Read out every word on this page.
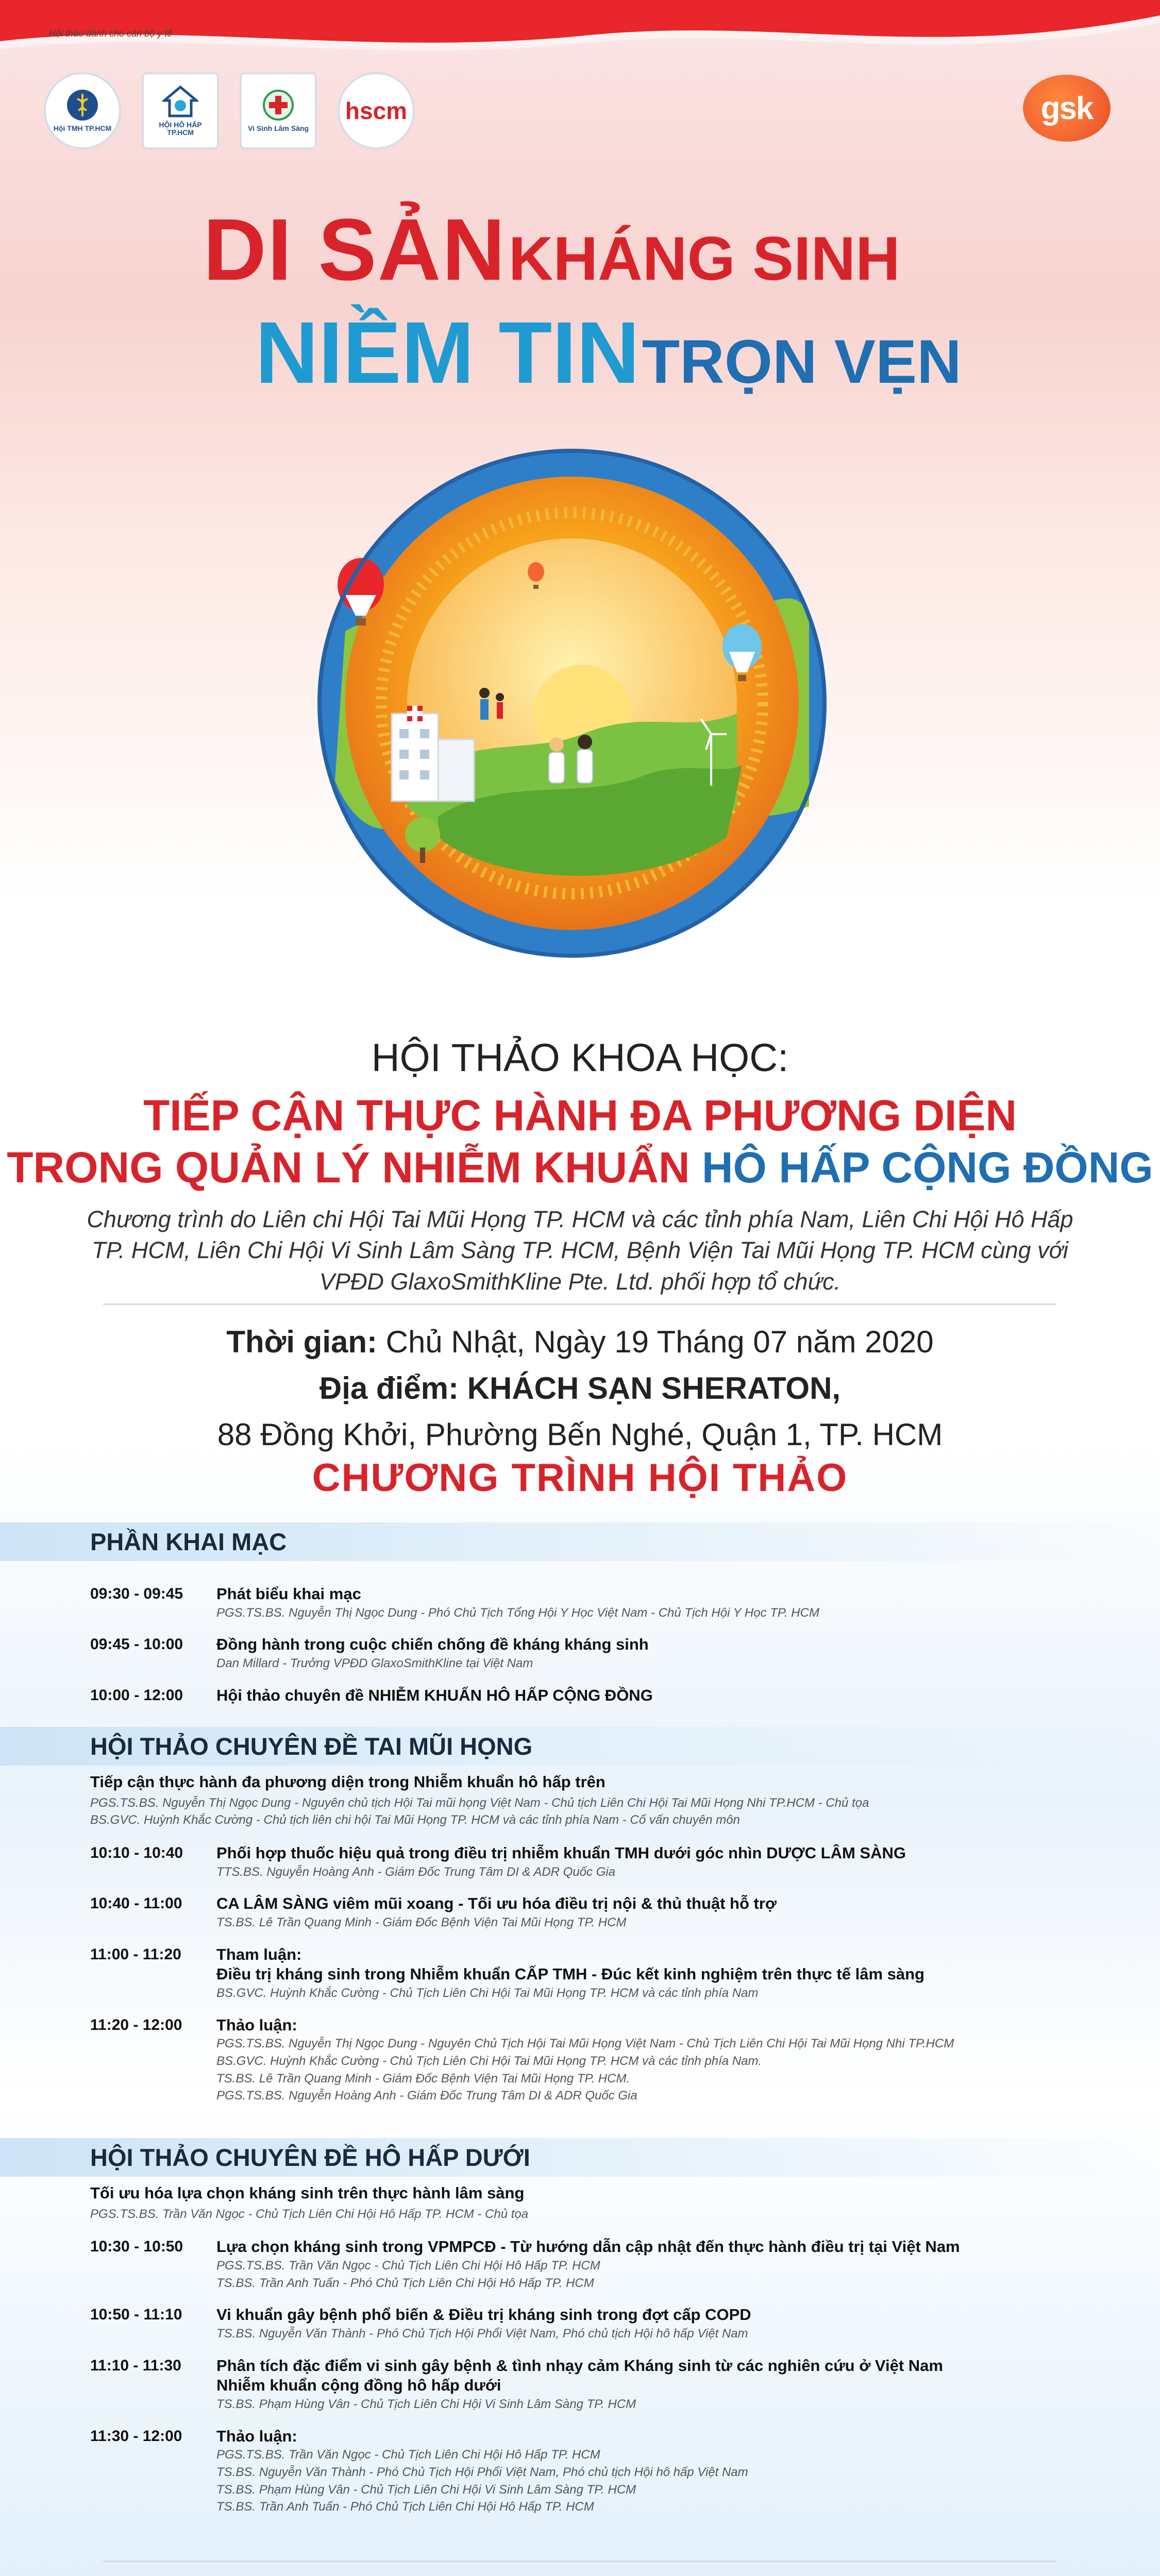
Hội thảo dành cho cán bộ y tế
Hội TMH TP.HCM	HỘI HÔ HẤP TP.HCM	Vi Sinh Lâm Sàng
hscm	gsk
DI SẢN KHÁNG SINH
NIỀM TIN TRỌN VẸN
HỘI THẢO KHOA HỌC:
TIẾP CẬN THỰC HÀNH ĐA PHƯƠNG DIỆN
TRONG QUẢN LÝ NHIỄM KHUẨN HÔ HẤP CỘNG ĐỒNG
Chương trình do Liên chi Hội Tai Mũi Họng TP. HCM và các tỉnh phía Nam, Liên Chi Hội Hô Hấp TP. HCM, Liên Chi Hội Vi Sinh Lâm Sàng TP. HCM, Bệnh Viện Tai Mũi Họng TP. HCM cùng với VPĐD GlaxoSmithKline Pte. Ltd. phối hợp tổ chức.
Thời gian: Chủ Nhật, Ngày 19 Tháng 07 năm 2020
Địa điểm: KHÁCH SẠN SHERATON,
88 Đồng Khởi, Phường Bến Nghé, Quận 1, TP. HCM
CHƯƠNG TRÌNH HỘI THẢO
PHẦN KHAI MẠC
09:30 - 09:45	Phát biểu khai mạc
PGS.TS.BS. Nguyễn Thị Ngọc Dung - Phó Chủ Tịch Tổng Hội Y Học Việt Nam - Chủ Tịch Hội Y Học TP. HCM
09:45 - 10:00	Đồng hành trong cuộc chiến chống đề kháng kháng sinh
Dan Millard - Trưởng VPĐD GlaxoSmithKline tại Việt Nam
10:00 - 12:00	Hội thảo chuyên đề NHIỄM KHUẨN HÔ HẤP CỘNG ĐỒNG
HỘI THẢO CHUYÊN ĐỀ TAI MŨI HỌNG
Tiếp cận thực hành đa phương diện trong Nhiễm khuẩn hô hấp trên
PGS.TS.BS. Nguyễn Thị Ngọc Dung - Nguyên chủ tịch Hội Tai mũi họng Việt Nam - Chủ tịch Liên Chi Hội Tai Mũi Họng Nhi TP.HCM - Chủ tọa
BS.GVC. Huỳnh Khắc Cường - Chủ tịch liên chi hội Tai Mũi Họng TP. HCM và các tỉnh phía Nam - Cố vấn chuyên môn
10:10 - 10:40	Phối hợp thuốc hiệu quả trong điều trị nhiễm khuẩn TMH dưới góc nhìn DƯỢC LÂM SÀNG
TTS.BS. Nguyễn Hoàng Anh - Giám Đốc Trung Tâm DI & ADR Quốc Gia
10:40 - 11:00	CA LÂM SÀNG viêm mũi xoang - Tối ưu hóa điều trị nội & thủ thuật hỗ trợ
TS.BS. Lê Trần Quang Minh - Giám Đốc Bệnh Viện Tai Mũi Họng TP. HCM
11:00 - 11:20	Tham luận:
Điều trị kháng sinh trong Nhiễm khuẩn CẤP TMH - Đúc kết kinh nghiệm trên thực tế lâm sàng
BS.GVC. Huỳnh Khắc Cường - Chủ Tịch Liên Chi Hội Tai Mũi Họng TP. HCM và các tỉnh phía Nam
11:20 - 12:00	Thảo luận:
PGS.TS.BS. Nguyễn Thị Ngọc Dung - Nguyên Chủ Tịch Hội Tai Mũi Họng Việt Nam - Chủ Tịch Liên Chi Hội Tai Mũi Họng Nhi TP.HCM
BS.GVC. Huỳnh Khắc Cường - Chủ Tịch Liên Chi Hội Tai Mũi Họng TP. HCM và các tỉnh phía Nam.
TS.BS. Lê Trần Quang Minh - Giám Đốc Bệnh Viện Tai Mũi Họng TP. HCM.
PGS.TS.BS. Nguyễn Hoàng Anh - Giám Đốc Trung Tâm DI & ADR Quốc Gia
HỘI THẢO CHUYÊN ĐỀ HÔ HẤP DƯỚI
Tối ưu hóa lựa chọn kháng sinh trên thực hành lâm sàng
PGS.TS.BS. Trần Văn Ngọc - Chủ Tịch Liên Chi Hội Hô Hấp TP. HCM - Chủ tọa
10:30 - 10:50	Lựa chọn kháng sinh trong VPMPCĐ - Từ hướng dẫn cập nhật đến thực hành điều trị tại Việt Nam
PGS.TS.BS. Trần Văn Ngọc - Chủ Tịch Liên Chi Hội Hô Hấp TP. HCM
TS.BS. Trần Anh Tuấn - Phó Chủ Tịch Liên Chi Hội Hô Hấp TP. HCM
10:50 - 11:10	Vi khuẩn gây bệnh phổ biến & Điều trị kháng sinh trong đợt cấp COPD
TS.BS. Nguyễn Văn Thành - Phó Chủ Tịch Hội Phổi Việt Nam, Phó chủ tịch Hội hô hấp Việt Nam
11:10 - 11:30	Phân tích đặc điểm vi sinh gây bệnh & tình nhạy cảm Kháng sinh từ các nghiên cứu ở Việt Nam
Nhiễm khuẩn cộng đồng hô hấp dưới
TS.BS. Phạm Hùng Vân - Chủ Tịch Liên Chi Hội Vi Sinh Lâm Sàng TP. HCM
11:30 - 12:00	Thảo luận:
PGS.TS.BS. Trần Văn Ngọc - Chủ Tịch Liên Chi Hội Hô Hấp TP. HCM
TS.BS. Nguyễn Văn Thành - Phó Chủ Tịch Hội Phổi Việt Nam, Phó chủ tịch Hội hô hấp Việt Nam
TS.BS. Phạm Hùng Vân - Chủ Tịch Liên Chi Hội Vi Sinh Lâm Sàng TP. HCM
TS.BS. Trần Anh Tuấn - Phó Chủ Tịch Liên Chi Hội Hô Hấp TP. HCM
